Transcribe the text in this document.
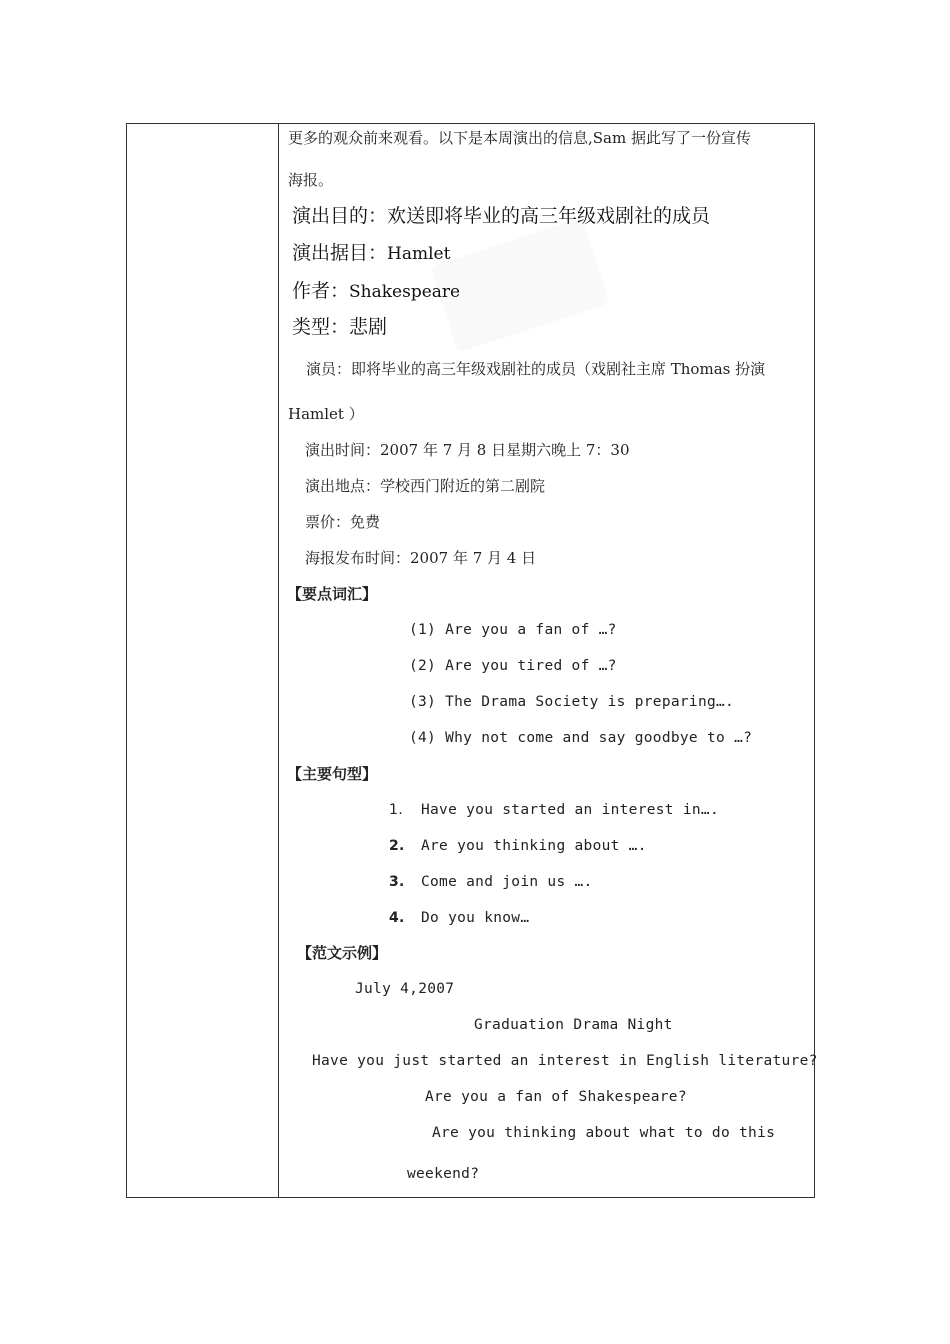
更多的观众前来观看。以下是本周演出的信息,Sam 据此写了一份宣传
海报。
演出目的：欢送即将毕业的高三年级戏剧社的成员
演出据目：Hamlet
作者：Shakespeare
类型：悲剧
演员：即将毕业的高三年级戏剧社的成员（戏剧社主席 Thomas 扮演
Hamlet ）
演出时间：2007 年 7 月 8 日星期六晚上 7：30
演出地点：学校西门附近的第二剧院
票价：免费
海报发布时间：2007 年 7 月 4 日
【要点词汇】
(1) Are you a fan of …?
(2) Are you tired of …?
(3) The Drama Society is preparing….
(4) Why not come and say goodbye to …?
【主要句型】
1. Have you started an interest in….
2. Are you thinking about ….
3. Come and join us ….
4. Do you know…
【范文示例】
July 4,2007
Graduation Drama Night
Have you just started an interest in English literature?
Are you a fan of Shakespeare?
Are you thinking about what to do this
weekend?
